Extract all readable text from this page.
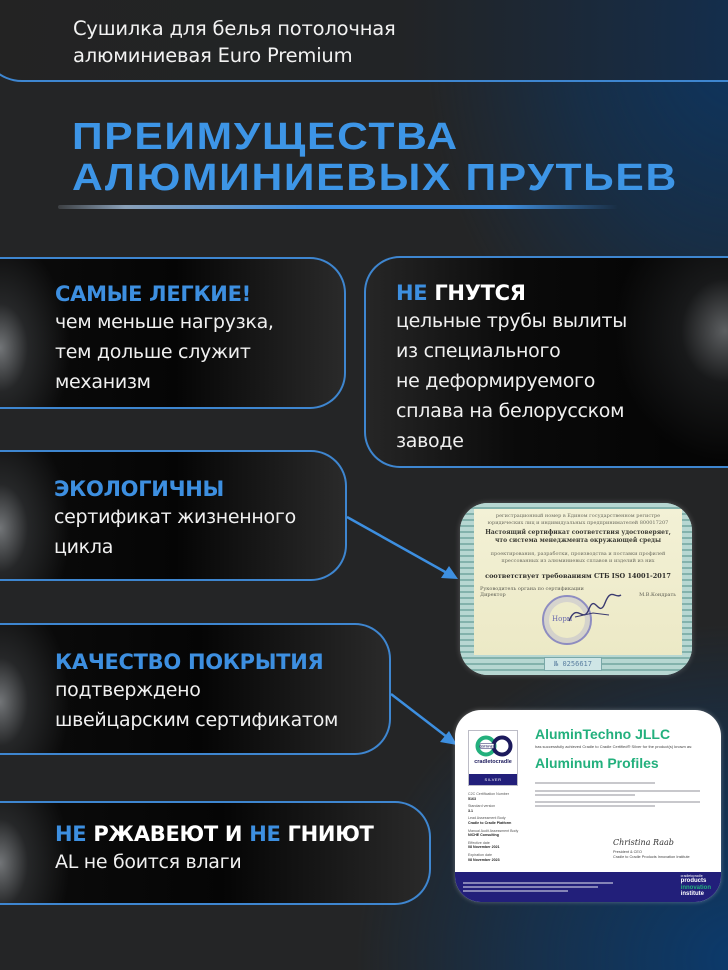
Сушилка для белья потолочная
алюминиевая Euro Premium
ПРЕИМУЩЕСТВА
АЛЮМИНИЕВЫХ ПРУТЬЕВ
САМЫЕ ЛЕГКИЕ!
чем меньше нагрузка,
тем дольше служит
механизм
НЕ ГНУТСЯ
цельные трубы вылиты
из специального
не деформируемого
сплава на белорусском
заводе
ЭКОЛОГИЧНЫ
сертификат жизненного
цикла
КАЧЕСТВО ПОКРЫТИЯ
подтверждено
швейцарским сертификатом
НЕ РЖАВЕЮТ И НЕ ГНИЮТ
AL не боится влаги
регистрационный номер в Едином государственном регистре юридических лиц и индивидуальных предпринимателей 800017207
Настоящий сертификат соответствия удостоверяет, что система менеджмента окружающей среды
проектирования, разработки, производства и поставки профилей прессованных из алюминиевых сплавов и изделий из них
соответствует требованиям СТБ ISO 14001-2017
Руководитель органа по сертификации
Директор	М.В.Кондрать
Норм
№ 0256617
CERTIFIED
cradletocradle
SILVER
AluminTechno JLLC
has successfully achieved Cradle to Cradle Certified® Silver for the product(s) known as:
Aluminum Profiles
C2C Certification Number
5163
Standard version
3.1
Lead Assessment Body
Cradle to Cradle Platform
Manual Audit Assessment Body
NICHE Consulting
Effective date
08 November 2021
Expiration date
08 November 2023
Christina Raab
President & CEO
Cradle to Cradle Products Innovation Institute
cradletocradle
products
innovation
institute
